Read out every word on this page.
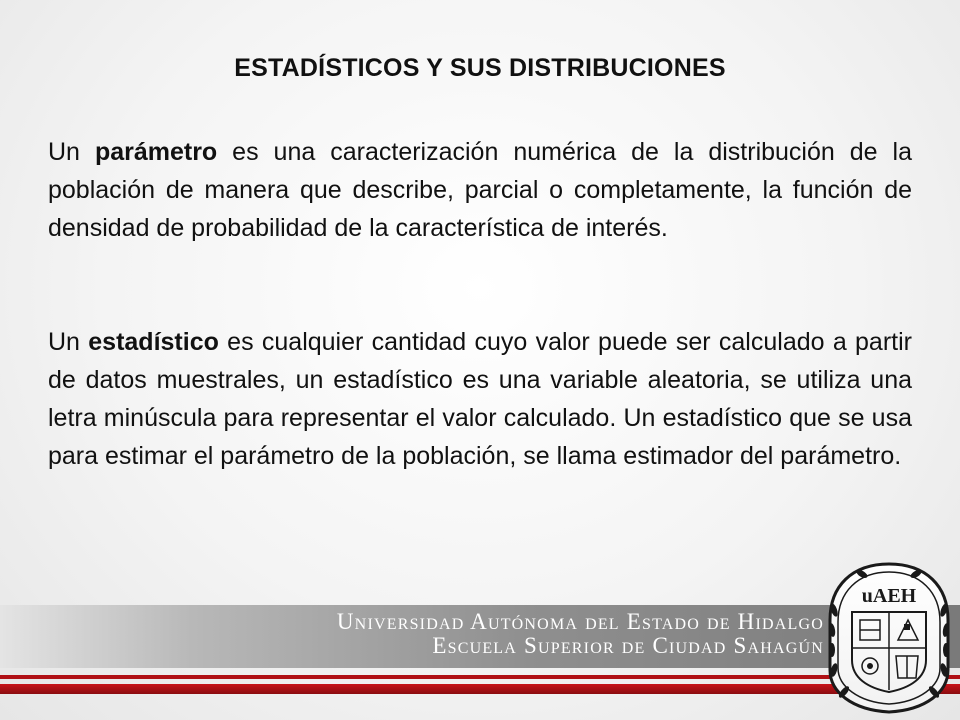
ESTADÍSTICOS Y SUS DISTRIBUCIONES
Un parámetro es una caracterización numérica de la distribución de la población de manera que describe, parcial o completamente, la función de densidad de probabilidad de la característica de interés.
Un estadístico es cualquier cantidad cuyo valor puede ser calculado a partir de datos muestrales, un estadístico es una variable aleatoria, se utiliza una letra minúscula para representar el valor calculado. Un estadístico que se usa para estimar el parámetro de la población, se llama estimador del parámetro.
Universidad Autónoma del Estado de Hidalgo
Escuela Superior de Ciudad Sahagún
uAEH
